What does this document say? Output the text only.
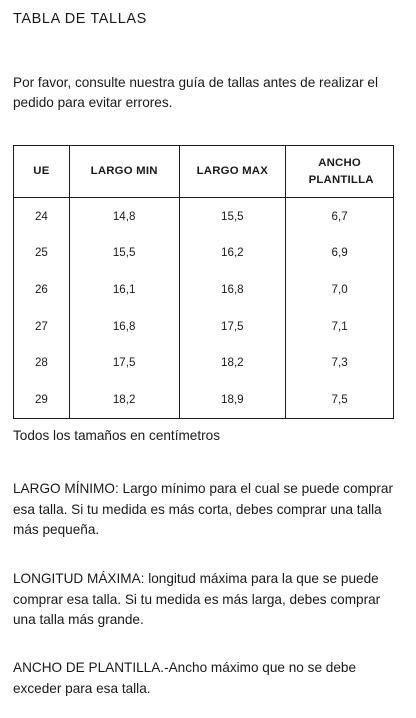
TABLA DE TALLAS
Por favor, consulte nuestra guía de tallas antes de realizar el pedido para evitar errores.
UE	LARGO MIN	LARGO MAX	ANCHO PLANTILLA
24	14,8	15,5	6,7
25	15,5	16,2	6,9
26	16,1	16,8	7,0
27	16,8	17,5	7,1
28	17,5	18,2	7,3
29	18,2	18,9	7,5
Todos los tamaños en centímetros
LARGO MÍNIMO: Largo mínimo para el cual se puede comprar esa talla. Si tu medida es más corta, debes comprar una talla más pequeña.
LONGITUD MÁXIMA: longitud máxima para la que se puede comprar esa talla. Si tu medida es más larga, debes comprar una talla más grande.
ANCHO DE PLANTILLA.-Ancho máximo que no se debe exceder para esa talla.
